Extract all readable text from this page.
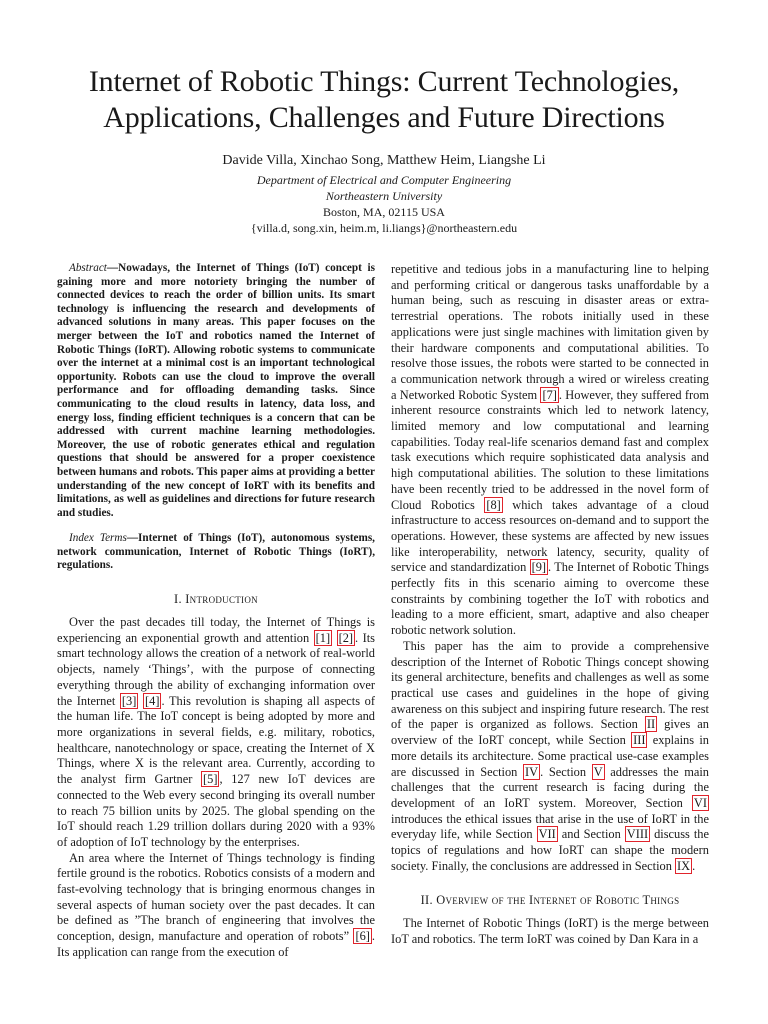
Internet of Robotic Things: Current Technologies,
Applications, Challenges and Future Directions
Davide Villa, Xinchao Song, Matthew Heim, Liangshe Li
Department of Electrical and Computer Engineering
Northeastern University
Boston, MA, 02115 USA
{villa.d, song.xin, heim.m, li.liangs}@northeastern.edu

Abstract—Nowadays, the Internet of Things (IoT) concept is gaining more and more notoriety bringing the number of connected devices to reach the order of billion units. Its smart technology is influencing the research and developments of advanced solutions in many areas. This paper focuses on the merger between the IoT and robotics named the Internet of Robotic Things (IoRT). Allowing robotic systems to communicate over the internet at a minimal cost is an important technological opportunity. Robots can use the cloud to improve the overall performance and for offloading demanding tasks. Since communicating to the cloud results in latency, data loss, and energy loss, finding efficient techniques is a concern that can be addressed with current machine learning methodologies. Moreover, the use of robotic generates ethical and regulation questions that should be answered for a proper coexistence between humans and robots. This paper aims at providing a better understanding of the new concept of IoRT with its benefits and limitations, as well as guidelines and directions for future research and studies.

Index Terms—Internet of Things (IoT), autonomous systems, network communication, Internet of Robotic Things (IoRT), regulations.

I. Introduction

Over the past decades till today, the Internet of Things is experiencing an exponential growth and attention [1] [2] . Its smart technology allows the creation of a network of real-world objects, namely ‘Things’, with the purpose of connecting everything through the ability of exchanging information over the Internet [3] [4] . This revolution is shaping all aspects of the human life. The IoT concept is being adopted by more and more organizations in several fields, e.g. military, robotics, healthcare, nanotechnology or space, creating the Internet of X Things, where X is the relevant area. Currently, according to the analyst firm Gartner [5] , 127 new IoT devices are connected to the Web every second bringing its overall number to reach 75 billion units by 2025. The global spending on the IoT should reach 1.29 trillion dollars during 2020 with a 93% of adoption of IoT technology by the enterprises.

An area where the Internet of Things technology is finding fertile ground is the robotics. Robotics consists of a modern and fast-evolving technology that is bringing enormous changes in several aspects of human society over the past decades. It can be defined as ”The branch of engineering that involves the conception, design, manufacture and operation of robots” [6] . Its application can range from the execution of

repetitive and tedious jobs in a manufacturing line to helping and performing critical or dangerous tasks unaffordable by a human being, such as rescuing in disaster areas or extra-terrestrial operations. The robots initially used in these applications were just single machines with limitation given by their hardware components and computational abilities. To resolve those issues, the robots were started to be connected in a communication network through a wired or wireless creating a Networked Robotic System [7] . However, they suffered from inherent resource constraints which led to network latency, limited memory and low computational and learning capabilities. Today real-life scenarios demand fast and complex task executions which require sophisticated data analysis and high computational abilities. The solution to these limitations have been recently tried to be addressed in the novel form of Cloud Robotics [8] which takes advantage of a cloud infrastructure to access resources on-demand and to support the operations. However, these systems are affected by new issues like interoperability, network latency, security, quality of service and standardization [9] . The Internet of Robotic Things perfectly fits in this scenario aiming to overcome these constraints by combining together the IoT with robotics and leading to a more efficient, smart, adaptive and also cheaper robotic network solution.

This paper has the aim to provide a comprehensive description of the Internet of Robotic Things concept showing its general architecture, benefits and challenges as well as some practical use cases and guidelines in the hope of giving awareness on this subject and inspiring future research. The rest of the paper is organized as follows. Section II gives an overview of the IoRT concept, while Section III explains in more details its architecture. Some practical use-case examples are discussed in Section IV . Section V addresses the main challenges that the current research is facing during the development of an IoRT system. Moreover, Section VI introduces the ethical issues that arise in the use of IoRT in the everyday life, while Section VII and Section VIII discuss the topics of regulations and how IoRT can shape the modern society. Finally, the conclusions are addressed in Section IX .

II. Overview of the Internet of Robotic Things

The Internet of Robotic Things (IoRT) is the merge between IoT and robotics. The term IoRT was coined by Dan Kara in a
